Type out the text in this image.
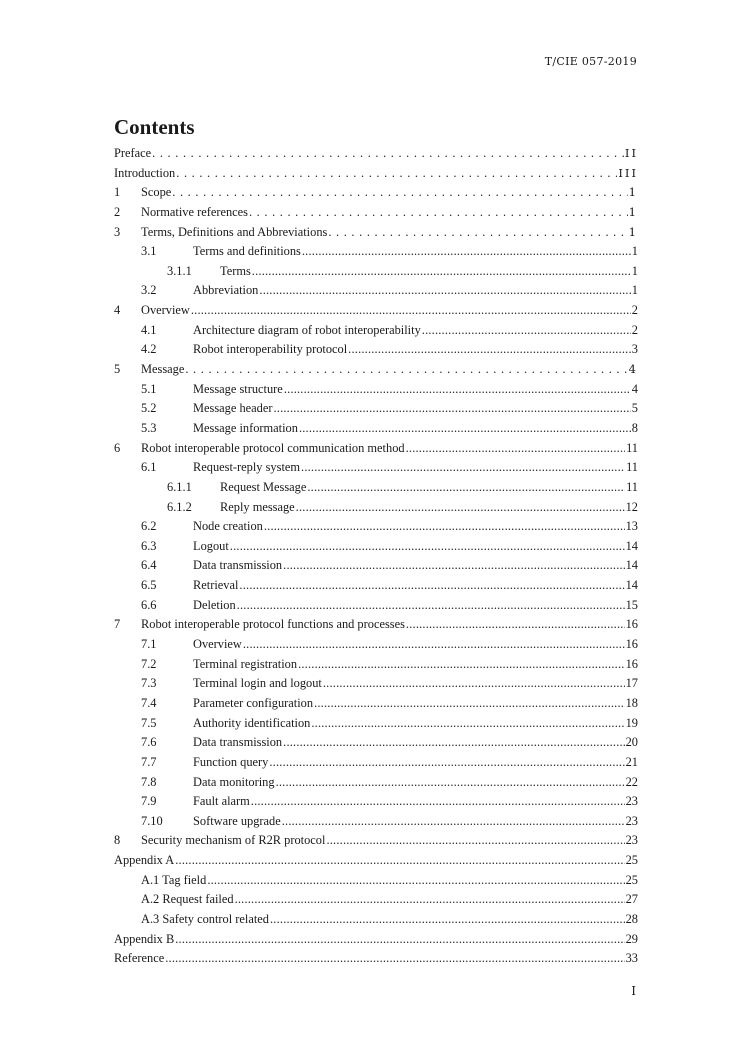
T/CIE 057-2019
Contents
Preface .....	II
Introduction .....	III
1	Scope .....	1
2	Normative references .....	1
3	Terms, Definitions and Abbreviations .....	1
3.1	Terms and definitions .....	1
3.1.1	Terms .....	1
3.2	Abbreviation .....	1
4	Overview .....	2
4.1	Architecture diagram of robot interoperability .....	2
4.2	Robot interoperability protocol .....	3
5	Message .....	4
5.1	Message structure .....	4
5.2	Message header .....	5
5.3	Message information .....	8
6	Robot interoperable protocol communication method .....	11
6.1	Request-reply system .....	11
6.1.1	Request Message .....	11
6.1.2	Reply message .....	12
6.2	Node creation .....	13
6.3	Logout .....	14
6.4	Data transmission .....	14
6.5	Retrieval .....	14
6.6	Deletion .....	15
7	Robot interoperable protocol functions and processes .....	16
7.1	Overview .....	16
7.2	Terminal registration .....	16
7.3	Terminal login and logout .....	17
7.4	Parameter configuration .....	18
7.5	Authority identification .....	19
7.6	Data transmission .....	20
7.7	Function query .....	21
7.8	Data monitoring .....	22
7.9	Fault alarm .....	23
7.10	Software upgrade .....	23
8	Security mechanism of R2R protocol .....	23
Appendix A .....	25
A.1 Tag field .....	25
A.2 Request failed .....	27
A.3 Safety control related .....	28
Appendix B .....	29
Reference .....	33
I
